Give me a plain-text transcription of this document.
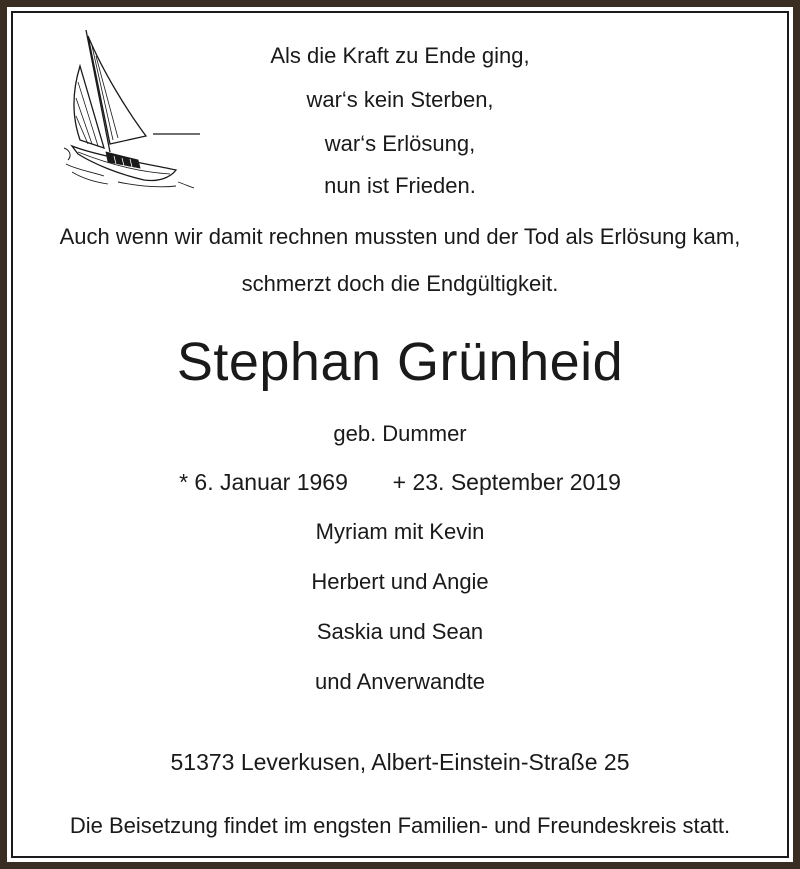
Als die Kraft zu Ende ging,
war‘s kein Sterben,
war‘s Erlösung,
nun ist Frieden.
Auch wenn wir damit rechnen mussten und der Tod als Erlösung kam,
schmerzt doch die Endgültigkeit.
Stephan Grünheid
geb. Dummer
* 6. Januar 1969 + 23. September 2019
Myriam mit Kevin
Herbert und Angie
Saskia und Sean
und Anverwandte
51373 Leverkusen, Albert-Einstein-Straße 25
Die Beisetzung findet im engsten Familien- und Freundeskreis statt.
